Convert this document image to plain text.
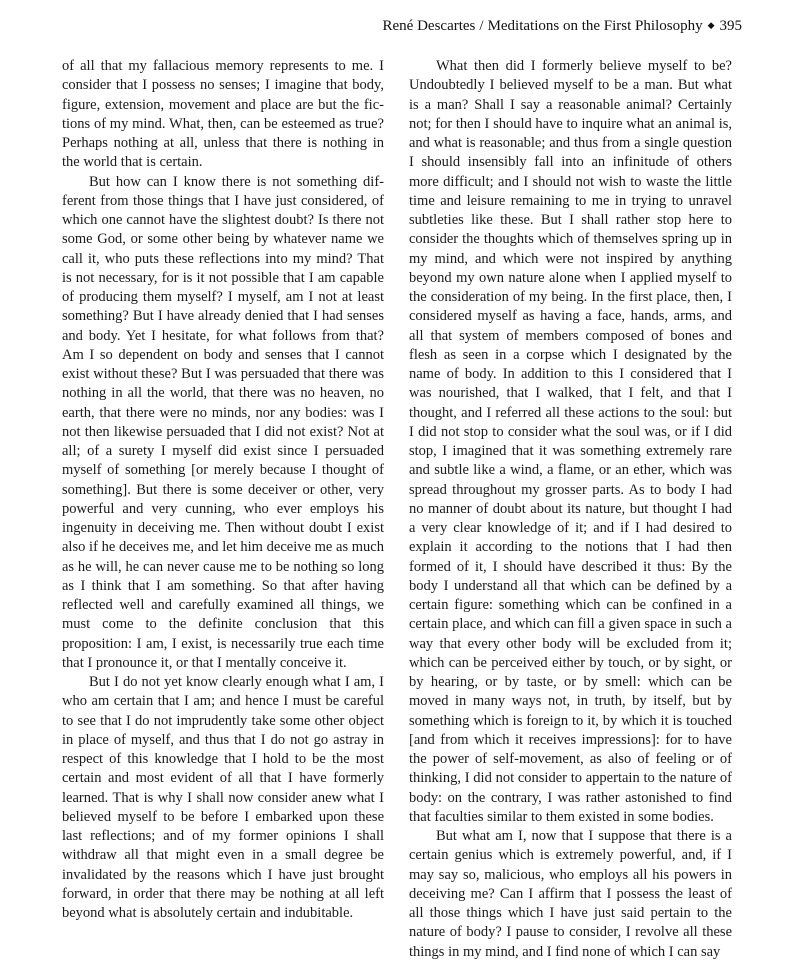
René Descartes / Meditations on the First Philosophy ◆ 395

of all that my fallacious memory represents to me. I consider that I possess no senses; I imagine that body, figure, extension, movement and place are but the fictions of my mind. What, then, can be esteemed as true? Perhaps nothing at all, unless that there is nothing in the world that is certain.

But how can I know there is not something different from those things that I have just considered, of which one cannot have the slightest doubt? Is there not some God, or some other being by whatever name we call it, who puts these reflections into my mind? That is not necessary, for is it not possible that I am capable of producing them myself? I myself, am I not at least something? But I have already denied that I had senses and body. Yet I hesitate, for what follows from that? Am I so dependent on body and senses that I cannot exist without these? But I was persuaded that there was nothing in all the world, that there was no heaven, no earth, that there were no minds, nor any bodies: was I not then likewise persuaded that I did not exist? Not at all; of a surety I myself did exist since I persuaded myself of something [or merely because I thought of something]. But there is some deceiver or other, very powerful and very cunning, who ever employs his ingenuity in deceiving me. Then without doubt I exist also if he deceives me, and let him deceive me as much as he will, he can never cause me to be nothing so long as I think that I am something. So that after having reflected well and carefully examined all things, we must come to the definite conclusion that this proposition: I am, I exist, is necessarily true each time that I pronounce it, or that I mentally conceive it.

But I do not yet know clearly enough what I am, I who am certain that I am; and hence I must be careful to see that I do not imprudently take some other object in place of myself, and thus that I do not go astray in respect of this knowledge that I hold to be the most certain and most evident of all that I have formerly learned. That is why I shall now consider anew what I believed myself to be before I embarked upon these last reflections; and of my former opinions I shall withdraw all that might even in a small degree be invalidated by the reasons which I have just brought forward, in order that there may be nothing at all left beyond what is absolutely certain and indubitable.

What then did I formerly believe myself to be? Undoubtedly I believed myself to be a man. But what is a man? Shall I say a reasonable animal? Certainly not; for then I should have to inquire what an animal is, and what is reasonable; and thus from a single question I should insensibly fall into an infinitude of others more difficult; and I should not wish to waste the little time and leisure remaining to me in trying to unravel subtleties like these. But I shall rather stop here to consider the thoughts which of themselves spring up in my mind, and which were not inspired by anything beyond my own nature alone when I applied myself to the consideration of my being. In the first place, then, I considered myself as having a face, hands, arms, and all that system of members composed of bones and flesh as seen in a corpse which I designated by the name of body. In addition to this I considered that I was nourished, that I walked, that I felt, and that I thought, and I referred all these actions to the soul: but I did not stop to consider what the soul was, or if I did stop, I imagined that it was something extremely rare and subtle like a wind, a flame, or an ether, which was spread throughout my grosser parts. As to body I had no manner of doubt about its nature, but thought I had a very clear knowledge of it; and if I had desired to explain it according to the notions that I had then formed of it, I should have described it thus: By the body I understand all that which can be defined by a certain figure: something which can be confined in a certain place, and which can fill a given space in such a way that every other body will be excluded from it; which can be perceived either by touch, or by sight, or by hearing, or by taste, or by smell: which can be moved in many ways not, in truth, by itself, but by something which is foreign to it, by which it is touched [and from which it receives impressions]: for to have the power of self-movement, as also of feeling or of thinking, I did not consider to appertain to the nature of body: on the contrary, I was rather astonished to find that faculties similar to them existed in some bodies.

But what am I, now that I suppose that there is a certain genius which is extremely powerful, and, if I may say so, malicious, who employs all his powers in deceiving me? Can I affirm that I possess the least of all those things which I have just said pertain to the nature of body? I pause to consider, I revolve all these things in my mind, and I find none of which I can say
